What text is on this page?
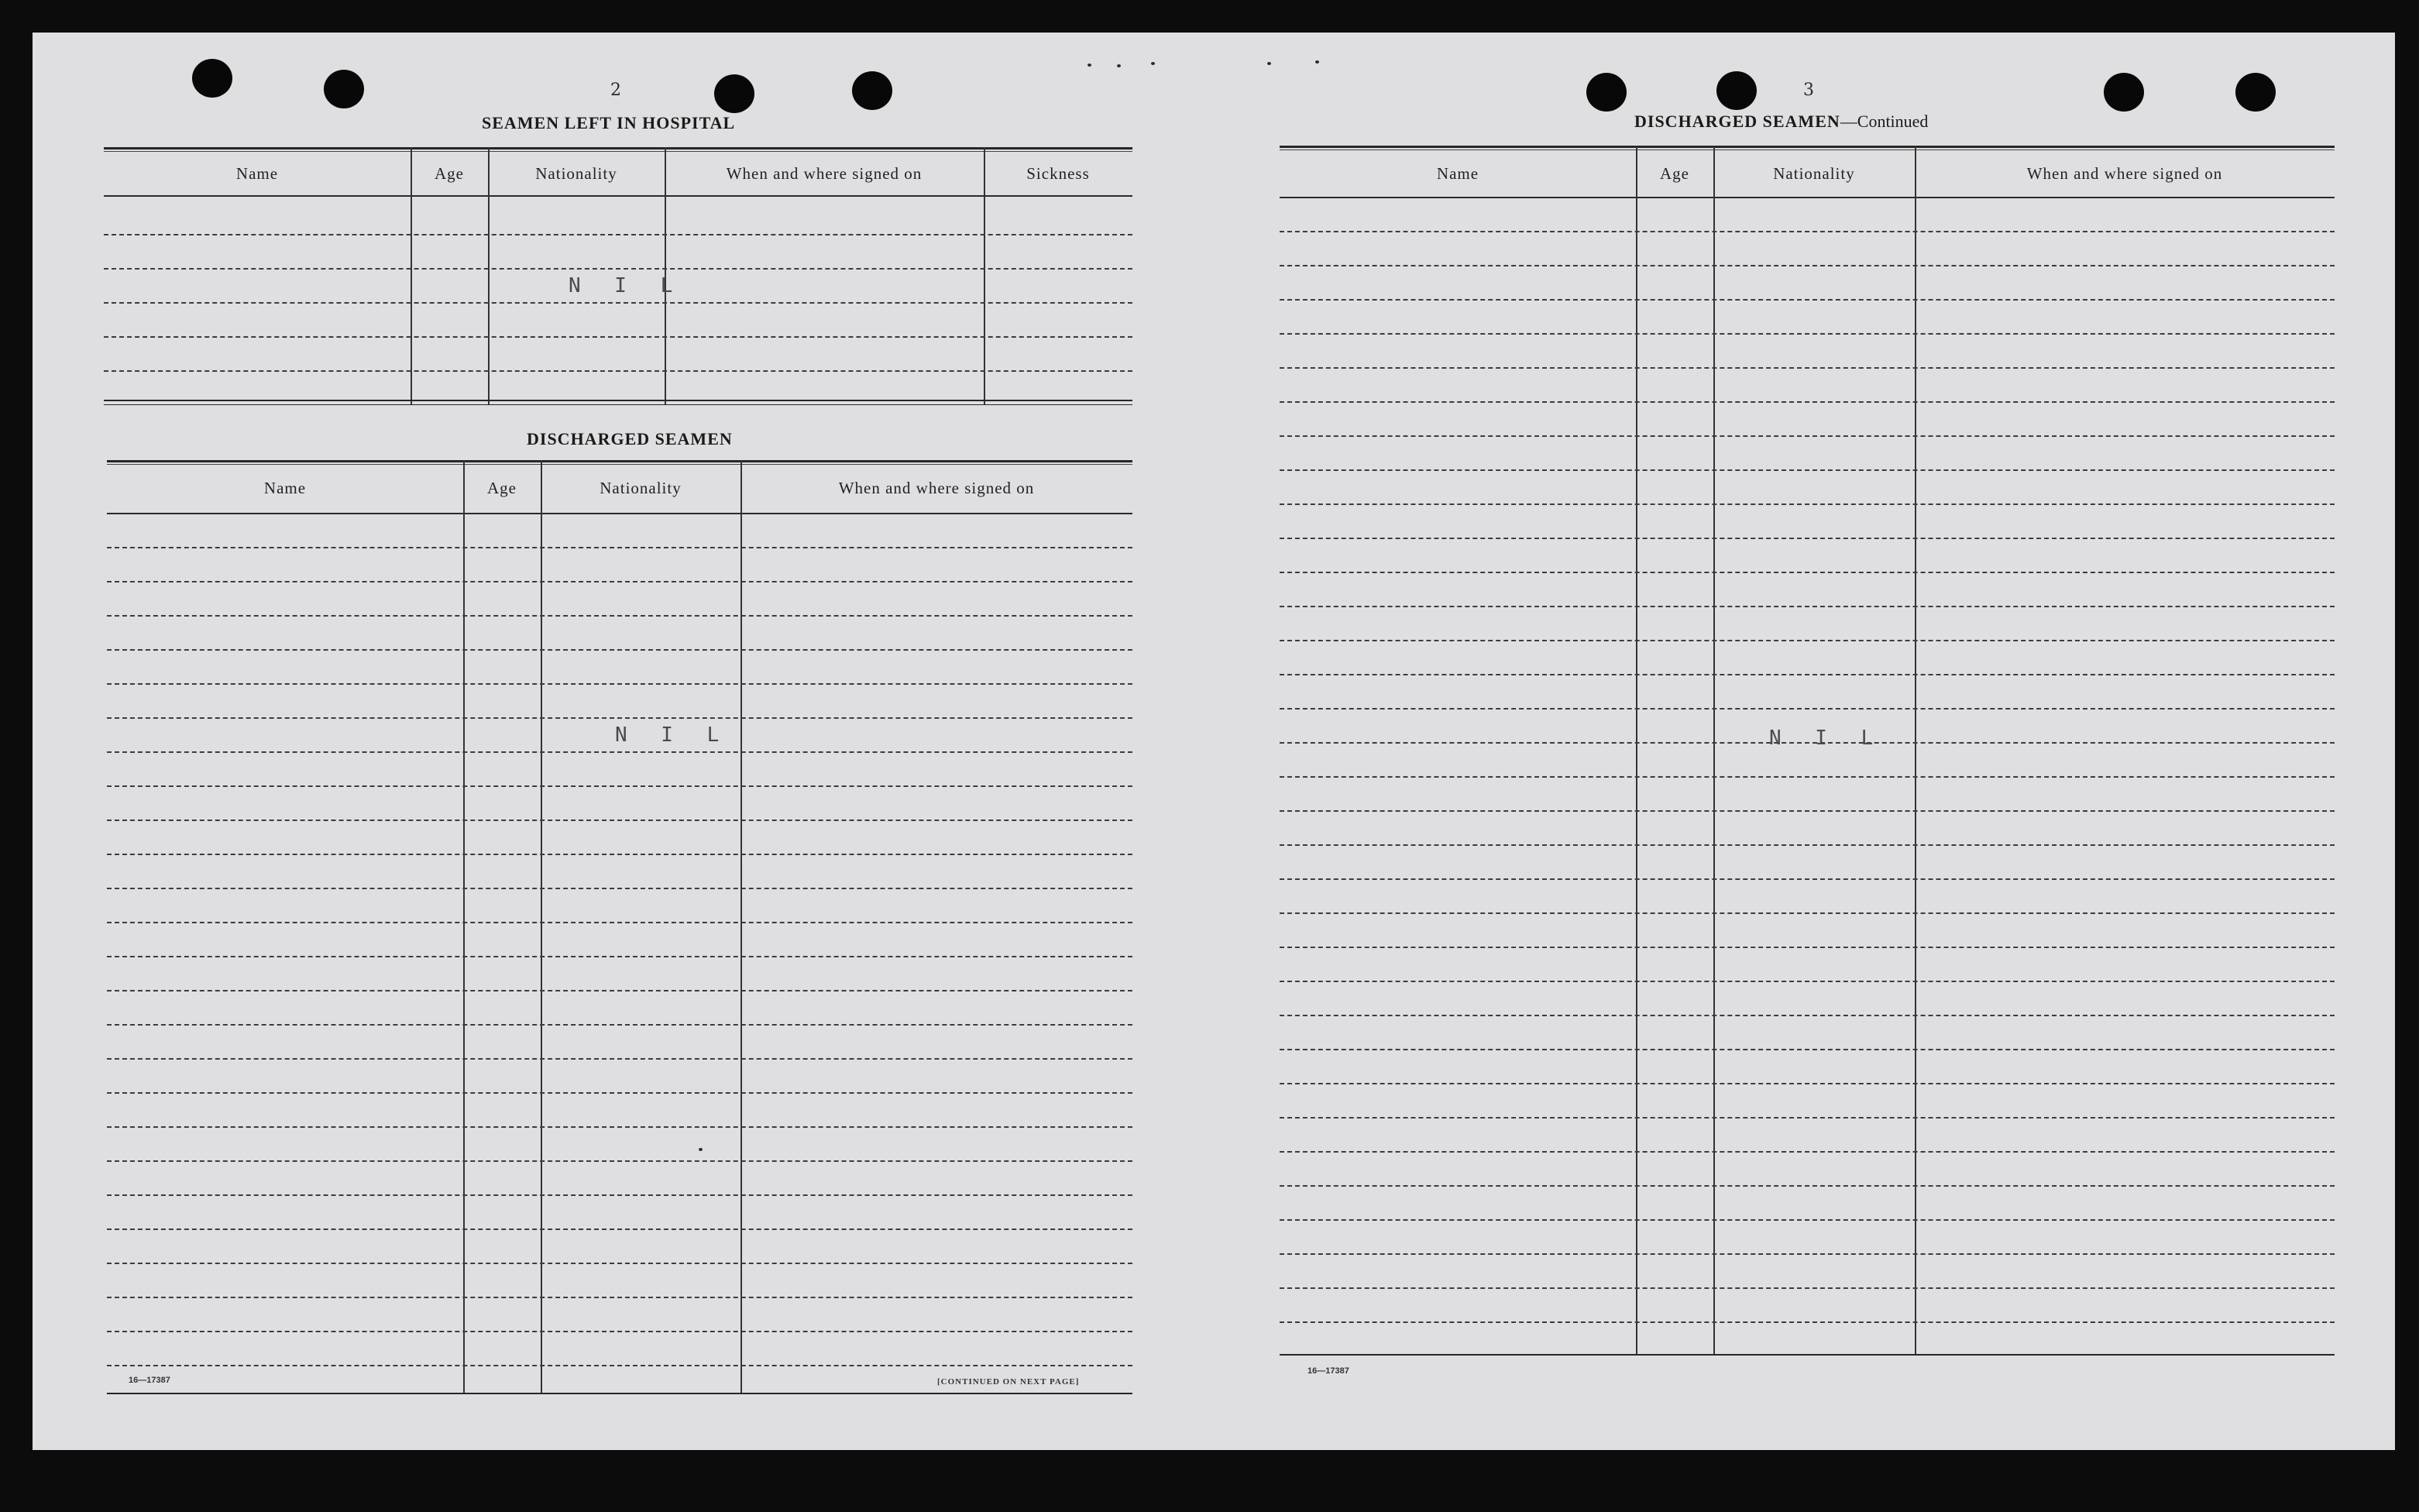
2
SEAMEN LEFT IN HOSPITAL
Name	Age	Nationality	When and where signed on	Sickness
N I L
DISCHARGED SEAMEN
Name	Age	Nationality	When and where signed on
N I L
16—17387	[CONTINUED ON NEXT PAGE]
3
DISCHARGED SEAMEN—Continued
Name	Age	Nationality	When and where signed on
N I L
16—17387
